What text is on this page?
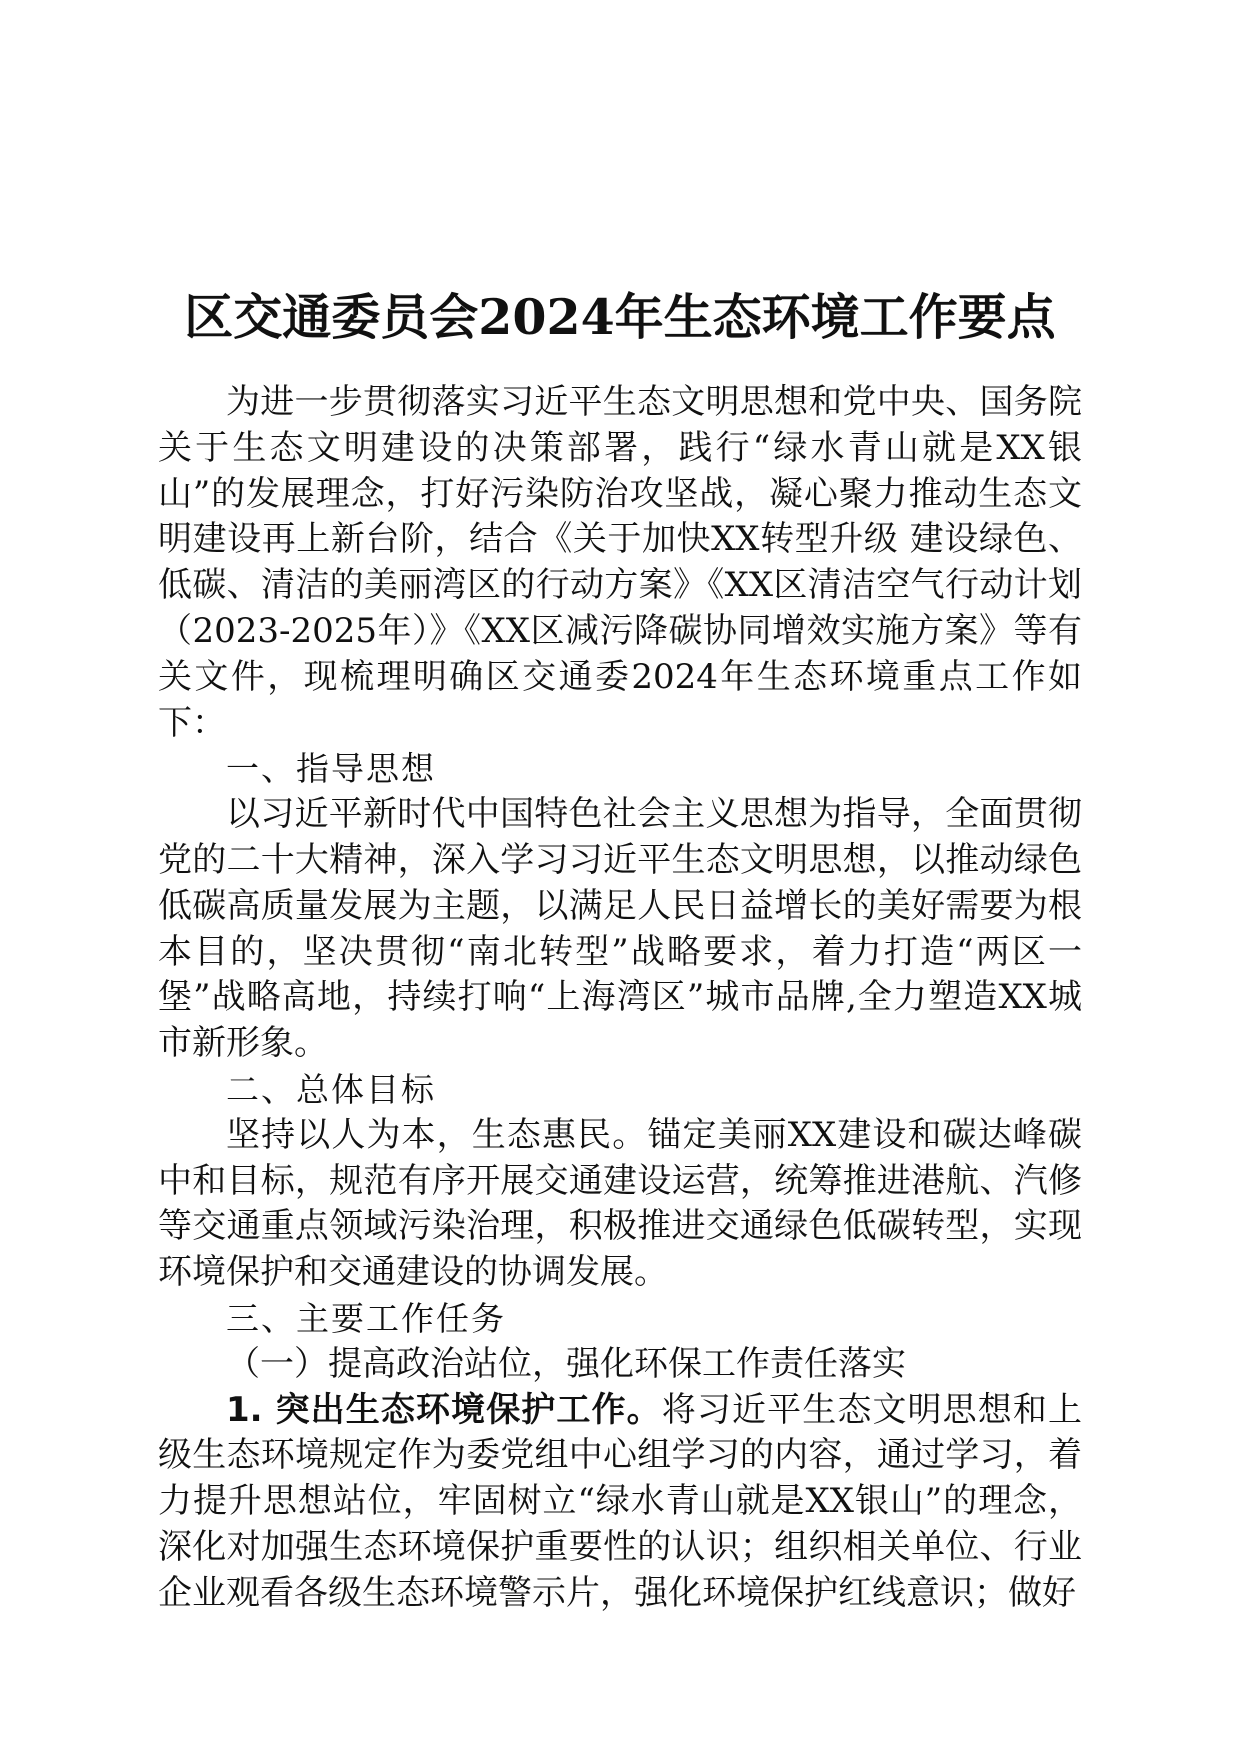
区交通委员会2024年生态环境工作要点

为进一步贯彻落实习近平生态文明思想和党中央、国务院关于生态文明建设的决策部署，践行“绿水青山就是XX银山”的发展理念，打好污染防治攻坚战，凝心聚力推动生态文明建设再上新台阶，结合《关于加快XX转型升级 建设绿色、低碳、清洁的美丽湾区的行动方案》《XX区清洁空气行动计划（2023-2025年）》《XX区减污降碳协同增效实施方案》等有关文件，现梳理明确区交通委2024年生态环境重点工作如下：

一、指导思想

以习近平新时代中国特色社会主义思想为指导，全面贯彻党的二十大精神，深入学习习近平生态文明思想，以推动绿色低碳高质量发展为主题，以满足人民日益增长的美好需要为根本目的，坚决贯彻“南北转型”战略要求，着力打造“两区一堡”战略高地，持续打响“上海湾区”城市品牌,全力塑造XX城市新形象。

二、总体目标

坚持以人为本，生态惠民。锚定美丽XX建设和碳达峰碳中和目标，规范有序开展交通建设运营，统筹推进港航、汽修等交通重点领域污染治理，积极推进交通绿色低碳转型，实现环境保护和交通建设的协调发展。

三、主要工作任务

（一）提高政治站位，强化环保工作责任落实

1. 突出生态环境保护工作。将习近平生态文明思想和上级生态环境规定作为委党组中心组学习的内容，通过学习，着力提升思想站位，牢固树立“绿水青山就是XX银山”的理念，深化对加强生态环境保护重要性的认识；组织相关单位、行业企业观看各级生态环境警示片，强化环境保护红线意识；做好
